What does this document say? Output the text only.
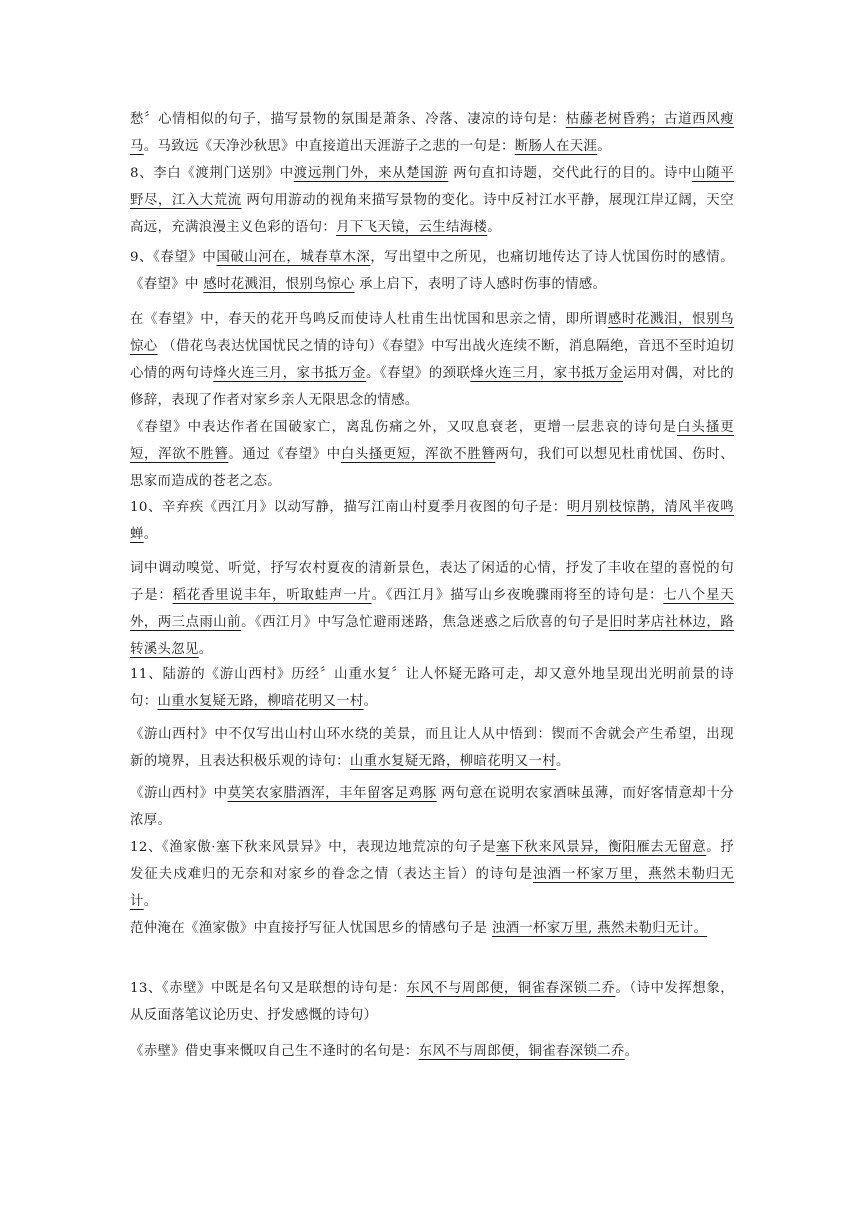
愁〞心情相似的句子，描写景物的氛围是萧条、冷落、凄凉的诗句是：枯藤老树昏鸦；古道西风瘦马。马致远《天净沙秋思》中直接道出天涯游子之悲的一句是：断肠人在天涯。

8、李白《渡荆门送别》中渡远荆门外，来从楚国游 两句直扣诗题，交代此行的目的。诗中山随平野尽，江入大荒流 两句用游动的视角来描写景物的变化。诗中反衬江水平静，展现江岸辽阔，天空高远，充满浪漫主义色彩的语句：月下飞天镜，云生结海楼。

9、《春望》中国破山河在，城春草木深，写出望中之所见，也痛切地传达了诗人忧国伤时的感情。《春望》中 感时花溅泪，恨别鸟惊心 承上启下，表明了诗人感时伤事的情感。

在《春望》中，春天的花开鸟鸣反而使诗人杜甫生出忧国和思亲之情，即所谓感时花溅泪，恨别鸟惊心 （借花鸟表达忧国忧民之情的诗句）《春望》中写出战火连续不断，消息隔绝，音迅不至时迫切心情的两句诗烽火连三月，家书抵万金。《春望》的颈联烽火连三月，家书抵万金运用对偶，对比的修辞，表现了作者对家乡亲人无限思念的情感。

《春望》中表达作者在国破家亡，离乱伤痛之外，又叹息衰老，更增一层悲哀的诗句是白头搔更短，浑欲不胜簪。通过《春望》中白头搔更短，浑欲不胜簪两句，我们可以想见杜甫忧国、伤时、思家而造成的苍老之态。

10、辛弃疾《西江月》以动写静，描写江南山村夏季月夜图的句子是：明月别枝惊鹊，清风半夜鸣蝉。

词中调动嗅觉、听觉，抒写农村夏夜的清新景色，表达了闲适的心情，抒发了丰收在望的喜悦的句子是：稻花香里说丰年，听取蛙声一片。《西江月》描写山乡夜晚骤雨将至的诗句是：七八个星天外，两三点雨山前。《西江月》中写急忙避雨迷路，焦急迷惑之后欣喜的句子是旧时茅店社林边，路转溪头忽见。

11、陆游的《游山西村》历经〞山重水复〞让人怀疑无路可走，却又意外地呈现出光明前景的诗句：山重水复疑无路，柳暗花明又一村。

《游山西村》中不仅写出山村山环水绕的美景，而且让人从中悟到：锲而不舍就会产生希望，出现新的境界，且表达积极乐观的诗句：山重水复疑无路，柳暗花明又一村。

《游山西村》中莫笑农家腊酒浑，丰年留客足鸡豚 两句意在说明农家酒味虽薄，而好客情意却十分浓厚。

12、《渔家傲·塞下秋来风景异》中，表现边地荒凉的句子是塞下秋来风景异，衡阳雁去无留意。抒发征夫戍难归的无奈和对家乡的眷念之情（表达主旨）的诗句是浊酒一杯家万里，燕然未勒归无计。

范仲淹在《渔家傲》中直接抒写征人忧国思乡的情感句子是 浊酒一杯家万里, 燕然未勒归无计。

13、《赤壁》中既是名句又是联想的诗句是：东风不与周郎便，铜雀春深锁二乔。（诗中发挥想象，从反面落笔议论历史、抒发感慨的诗句）

《赤壁》借史事来慨叹自己生不逢时的名句是：东风不与周郎便，铜雀春深锁二乔。
